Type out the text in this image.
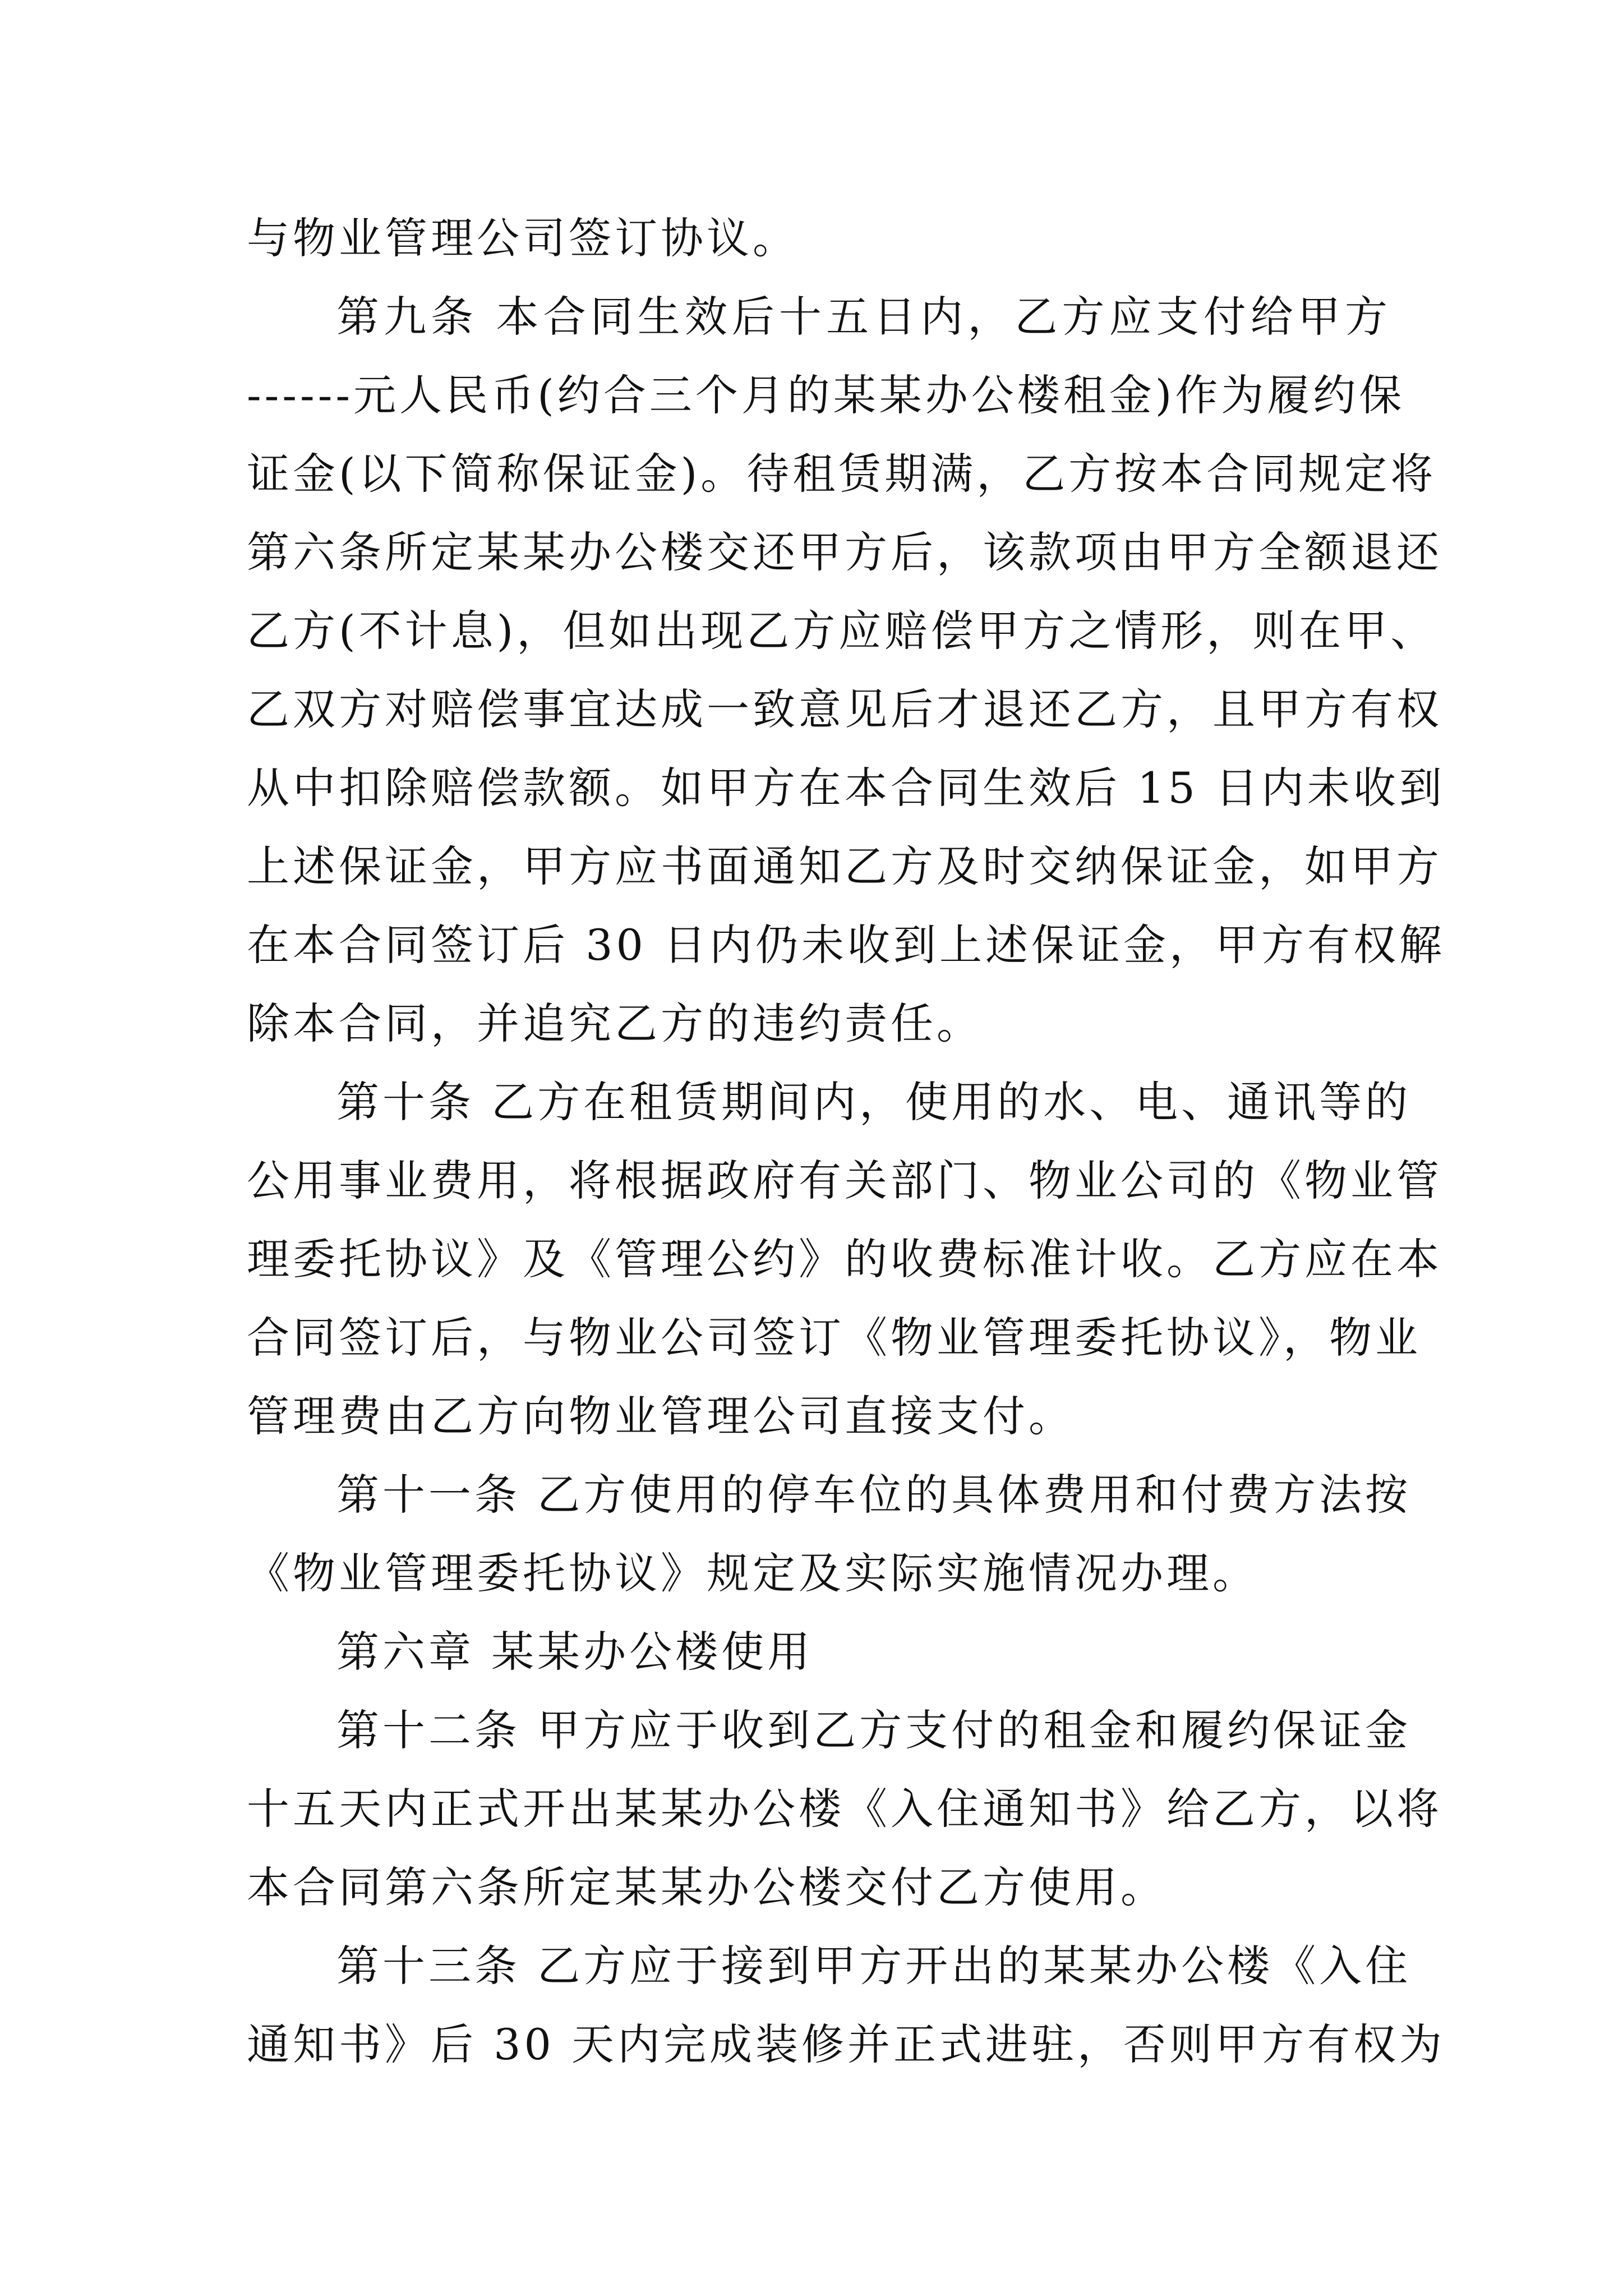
与物业管理公司签订协议。
第九条 本合同生效后十五日内，乙方应支付给甲方
------元人民币(约合三个月的某某办公楼租金)作为履约保
证金(以下简称保证金)。待租赁期满，乙方按本合同规定将
第六条所定某某办公楼交还甲方后，该款项由甲方全额退还
乙方(不计息)，但如出现乙方应赔偿甲方之情形，则在甲、
乙双方对赔偿事宜达成一致意见后才退还乙方，且甲方有权
从中扣除赔偿款额。如甲方在本合同生效后 15 日内未收到
上述保证金，甲方应书面通知乙方及时交纳保证金，如甲方
在本合同签订后 30 日内仍未收到上述保证金，甲方有权解
除本合同，并追究乙方的违约责任。
第十条 乙方在租赁期间内，使用的水、电、通讯等的
公用事业费用，将根据政府有关部门、物业公司的《物业管
理委托协议》及《管理公约》的收费标准计收。乙方应在本
合同签订后，与物业公司签订《物业管理委托协议》，物业
管理费由乙方向物业管理公司直接支付。
第十一条 乙方使用的停车位的具体费用和付费方法按
《物业管理委托协议》规定及实际实施情况办理。
第六章 某某办公楼使用
第十二条 甲方应于收到乙方支付的租金和履约保证金
十五天内正式开出某某办公楼《入住通知书》给乙方，以将
本合同第六条所定某某办公楼交付乙方使用。
第十三条 乙方应于接到甲方开出的某某办公楼《入住
通知书》后 30 天内完成装修并正式进驻，否则甲方有权为
